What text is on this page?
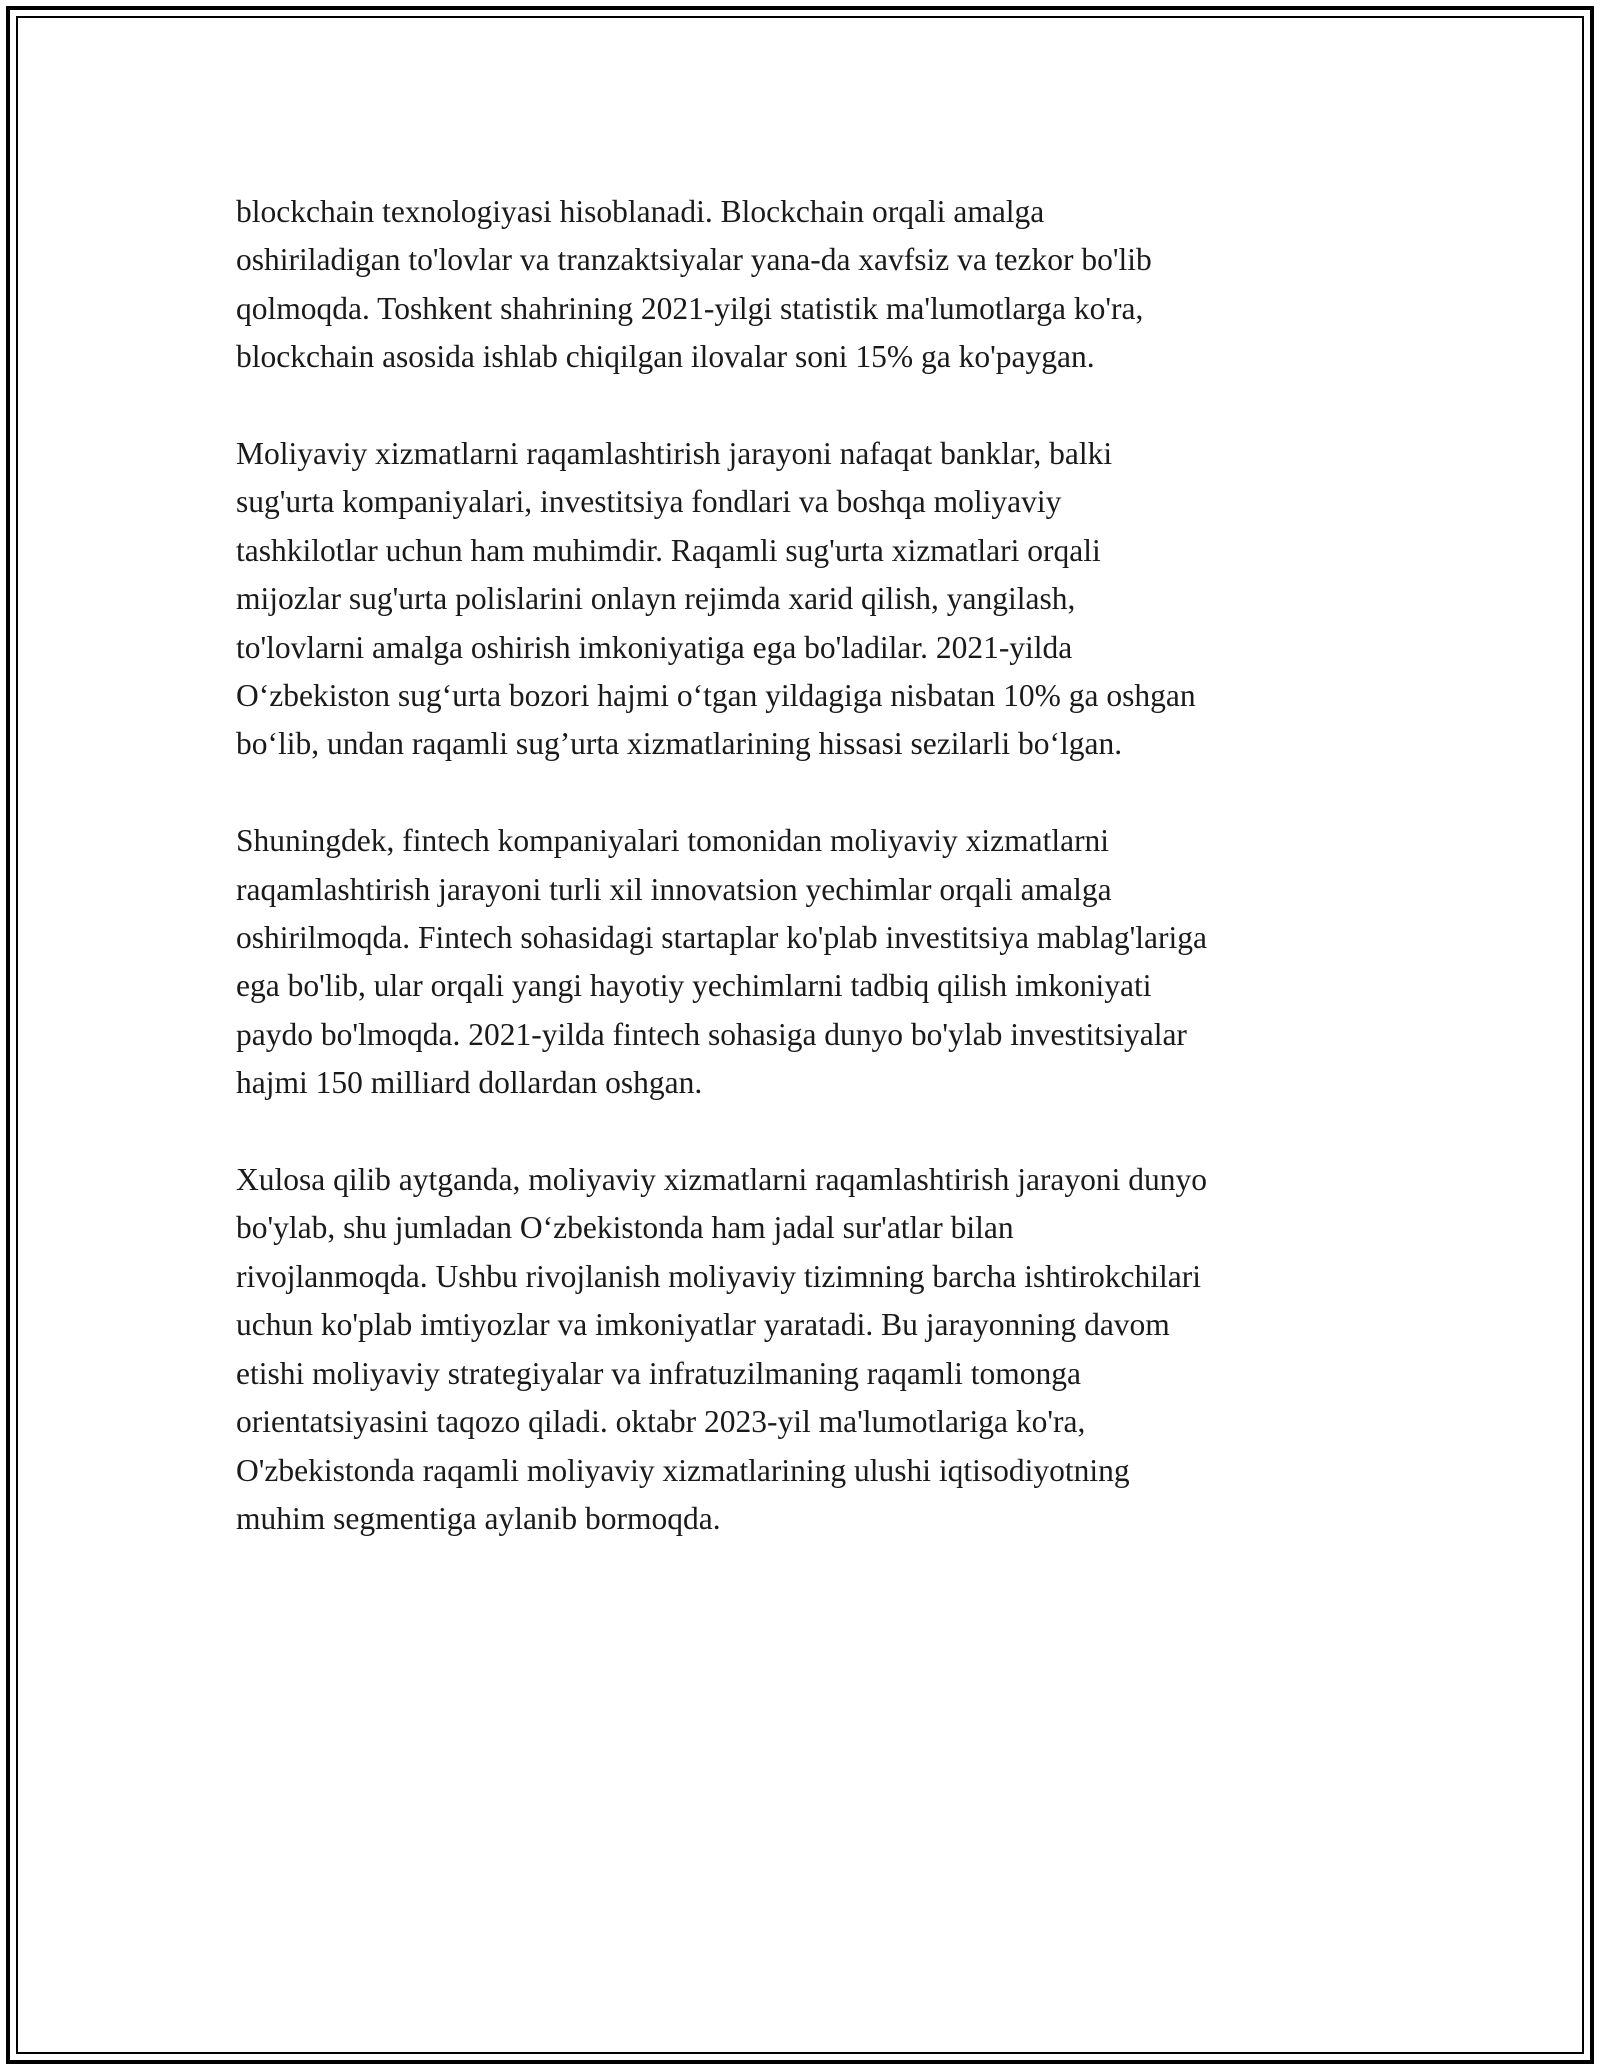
blockchain texnologiyasi hisoblanadi. Blockchain orqali amalga
oshiriladigan to'lovlar va tranzaktsiyalar yana-da xavfsiz va tezkor bo'lib
qolmoqda. Toshkent shahrining 2021-yilgi statistik ma'lumotlarga ko'ra,
blockchain asosida ishlab chiqilgan ilovalar soni 15% ga ko'paygan.

Moliyaviy xizmatlarni raqamlashtirish jarayoni nafaqat banklar, balki
sug'urta kompaniyalari, investitsiya fondlari va boshqa moliyaviy
tashkilotlar uchun ham muhimdir. Raqamli sug'urta xizmatlari orqali
mijozlar sug'urta polislarini onlayn rejimda xarid qilish, yangilash,
to'lovlarni amalga oshirish imkoniyatiga ega bo'ladilar. 2021-yilda
O‘zbekiston sug‘urta bozori hajmi o‘tgan yildagiga nisbatan 10% ga oshgan
bo‘lib, undan raqamli sug’urta xizmatlarining hissasi sezilarli bo‘lgan.

Shuningdek, fintech kompaniyalari tomonidan moliyaviy xizmatlarni
raqamlashtirish jarayoni turli xil innovatsion yechimlar orqali amalga
oshirilmoqda. Fintech sohasidagi startaplar ko'plab investitsiya mablag'lariga
ega bo'lib, ular orqali yangi hayotiy yechimlarni tadbiq qilish imkoniyati
paydo bo'lmoqda. 2021-yilda fintech sohasiga dunyo bo'ylab investitsiyalar
hajmi 150 milliard dollardan oshgan.

Xulosa qilib aytganda, moliyaviy xizmatlarni raqamlashtirish jarayoni dunyo
bo'ylab, shu jumladan O‘zbekistonda ham jadal sur'atlar bilan
rivojlanmoqda. Ushbu rivojlanish moliyaviy tizimning barcha ishtirokchilari
uchun ko'plab imtiyozlar va imkoniyatlar yaratadi. Bu jarayonning davom
etishi moliyaviy strategiyalar va infratuzilmaning raqamli tomonga
orientatsiyasini taqozo qiladi. oktabr 2023-yil ma'lumotlariga ko'ra,
O'zbekistonda raqamli moliyaviy xizmatlarining ulushi iqtisodiyotning
muhim segmentiga aylanib bormoqda.
